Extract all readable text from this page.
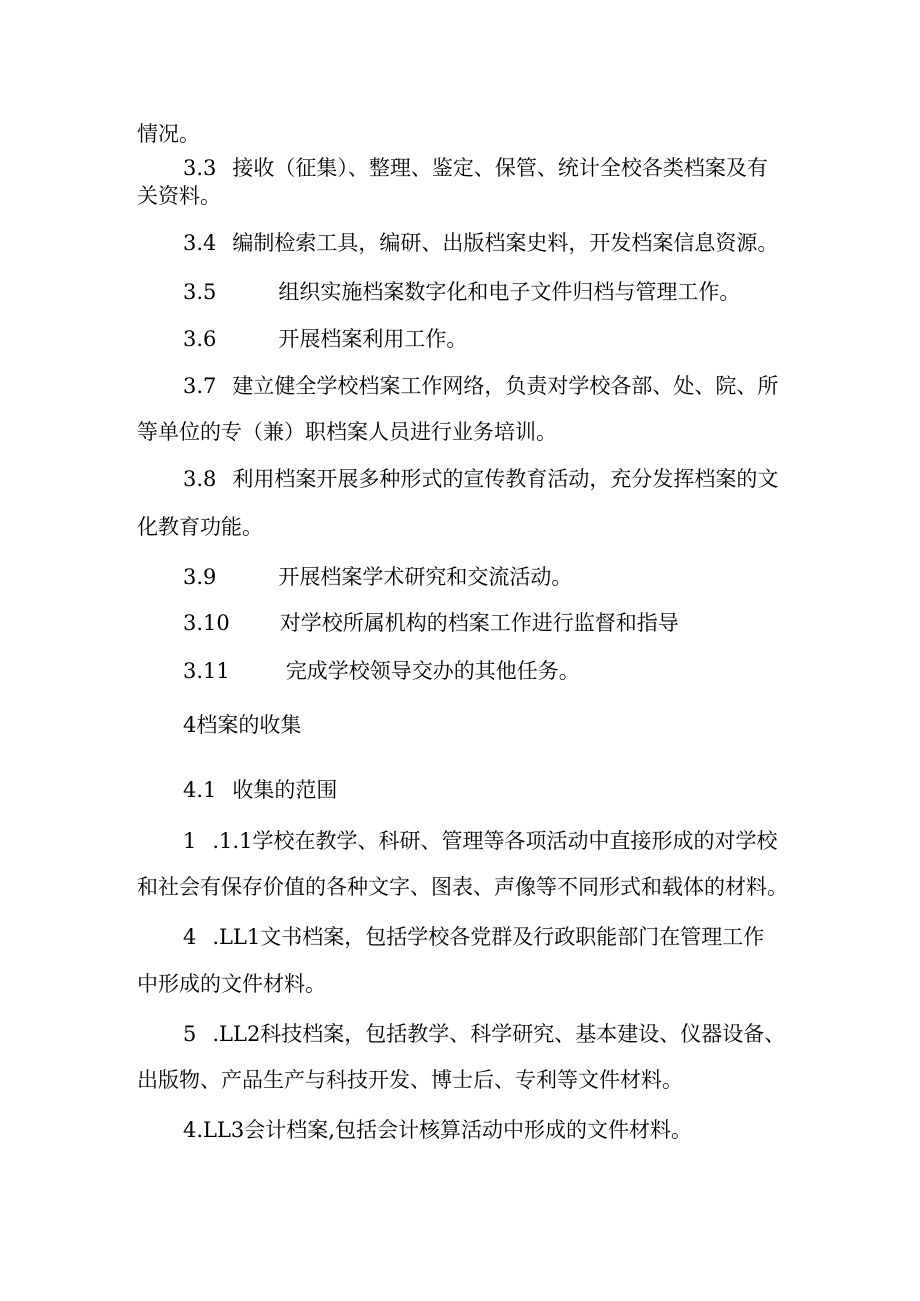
情况。
3.3 接收（征集）、整理、鉴定、保管、统计全校各类档案及有
关资料。
3.4 编制检索工具，编研、出版档案史料，开发档案信息资源。
3.5	组织实施档案数字化和电子文件归档与管理工作。
3.6	开展档案利用工作。
3.7 建立健全学校档案工作网络，负责对学校各部、处、院、所
等单位的专（兼）职档案人员进行业务培训。
3.8 利用档案开展多种形式的宣传教育活动，充分发挥档案的文
化教育功能。
3.9	开展档案学术研究和交流活动。
3.10 对学校所属机构的档案工作进行监督和指导
3.11	完成学校领导交办的其他任务。
4档案的收集
4.1 收集的范围
1 .1.1学校在教学、科研、管理等各项活动中直接形成的对学校
和社会有保存价值的各种文字、图表、声像等不同形式和载体的材料。
4 .LL1文书档案，包括学校各党群及行政职能部门在管理工作
中形成的文件材料。
5 .LL2科技档案，包括教学、科学研究、基本建设、仪器设备、
出版物、产品生产与科技开发、博士后、专利等文件材料。
4.LL3会计档案,包括会计核算活动中形成的文件材料。
